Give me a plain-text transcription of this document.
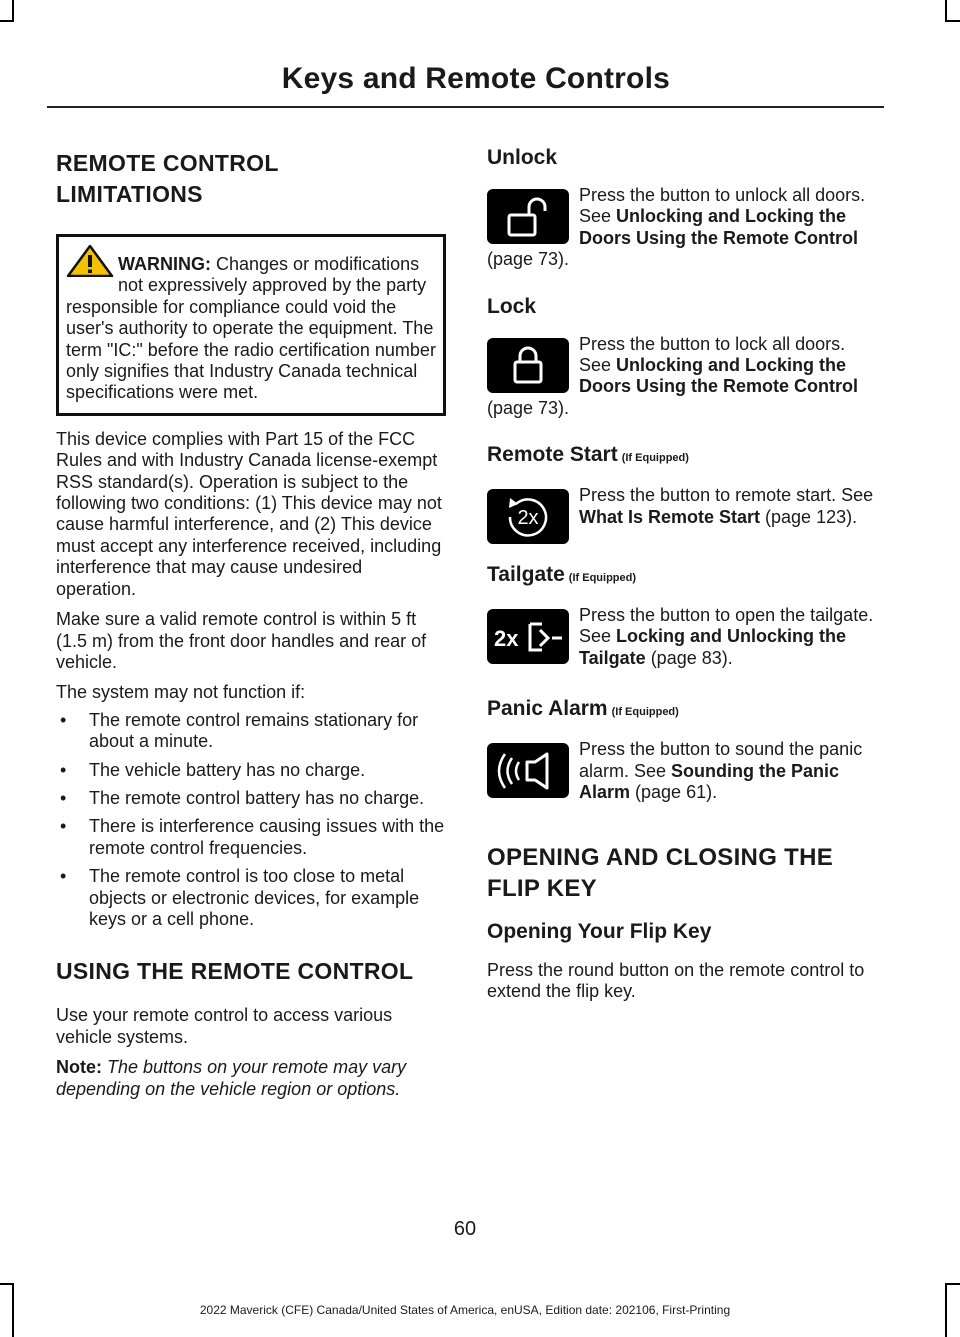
Keys and Remote Controls
REMOTE CONTROL
LIMITATIONS

WARNING: Changes or modifications not expressively approved by the party responsible for compliance could void the user's authority to operate the equipment. The term "IC:" before the radio certification number only signifies that Industry Canada technical specifications were met.

This device complies with Part 15 of the FCC Rules and with Industry Canada license-exempt RSS standard(s). Operation is subject to the following two conditions: (1) This device may not cause harmful interference, and (2) This device must accept any interference received, including interference that may cause undesired operation.

Make sure a valid remote control is within 5 ft (1.5 m) from the front door handles and rear of vehicle.

The system may not function if:

• The remote control remains stationary for about a minute.
• The vehicle battery has no charge.
• The remote control battery has no charge.
• There is interference causing issues with the remote control frequencies.
• The remote control is too close to metal objects or electronic devices, for example keys or a cell phone.
USING THE REMOTE CONTROL

Use your remote control to access various vehicle systems.

Note: The buttons on your remote may vary depending on the vehicle region or options.

Unlock

Press the button to unlock all doors. See Unlocking and Locking the Doors Using the Remote Control (page 73).

Lock

Press the button to lock all doors. See Unlocking and Locking the Doors Using the Remote Control (page 73).

Remote Start (If Equipped)
2x

Press the button to remote start. See What Is Remote Start (page 123).

Tailgate (If Equipped)
2x

Press the button to open the tailgate. See Locking and Unlocking the Tailgate (page 83).

Panic Alarm (If Equipped)

Press the button to sound the panic alarm. See Sounding the Panic Alarm (page 61).

OPENING AND CLOSING THE
FLIP KEY
Opening Your Flip Key

Press the round button on the remote control to extend the flip key.

60
2022 Maverick (CFE) Canada/United States of America, enUSA, Edition date: 202106, First-Printing
